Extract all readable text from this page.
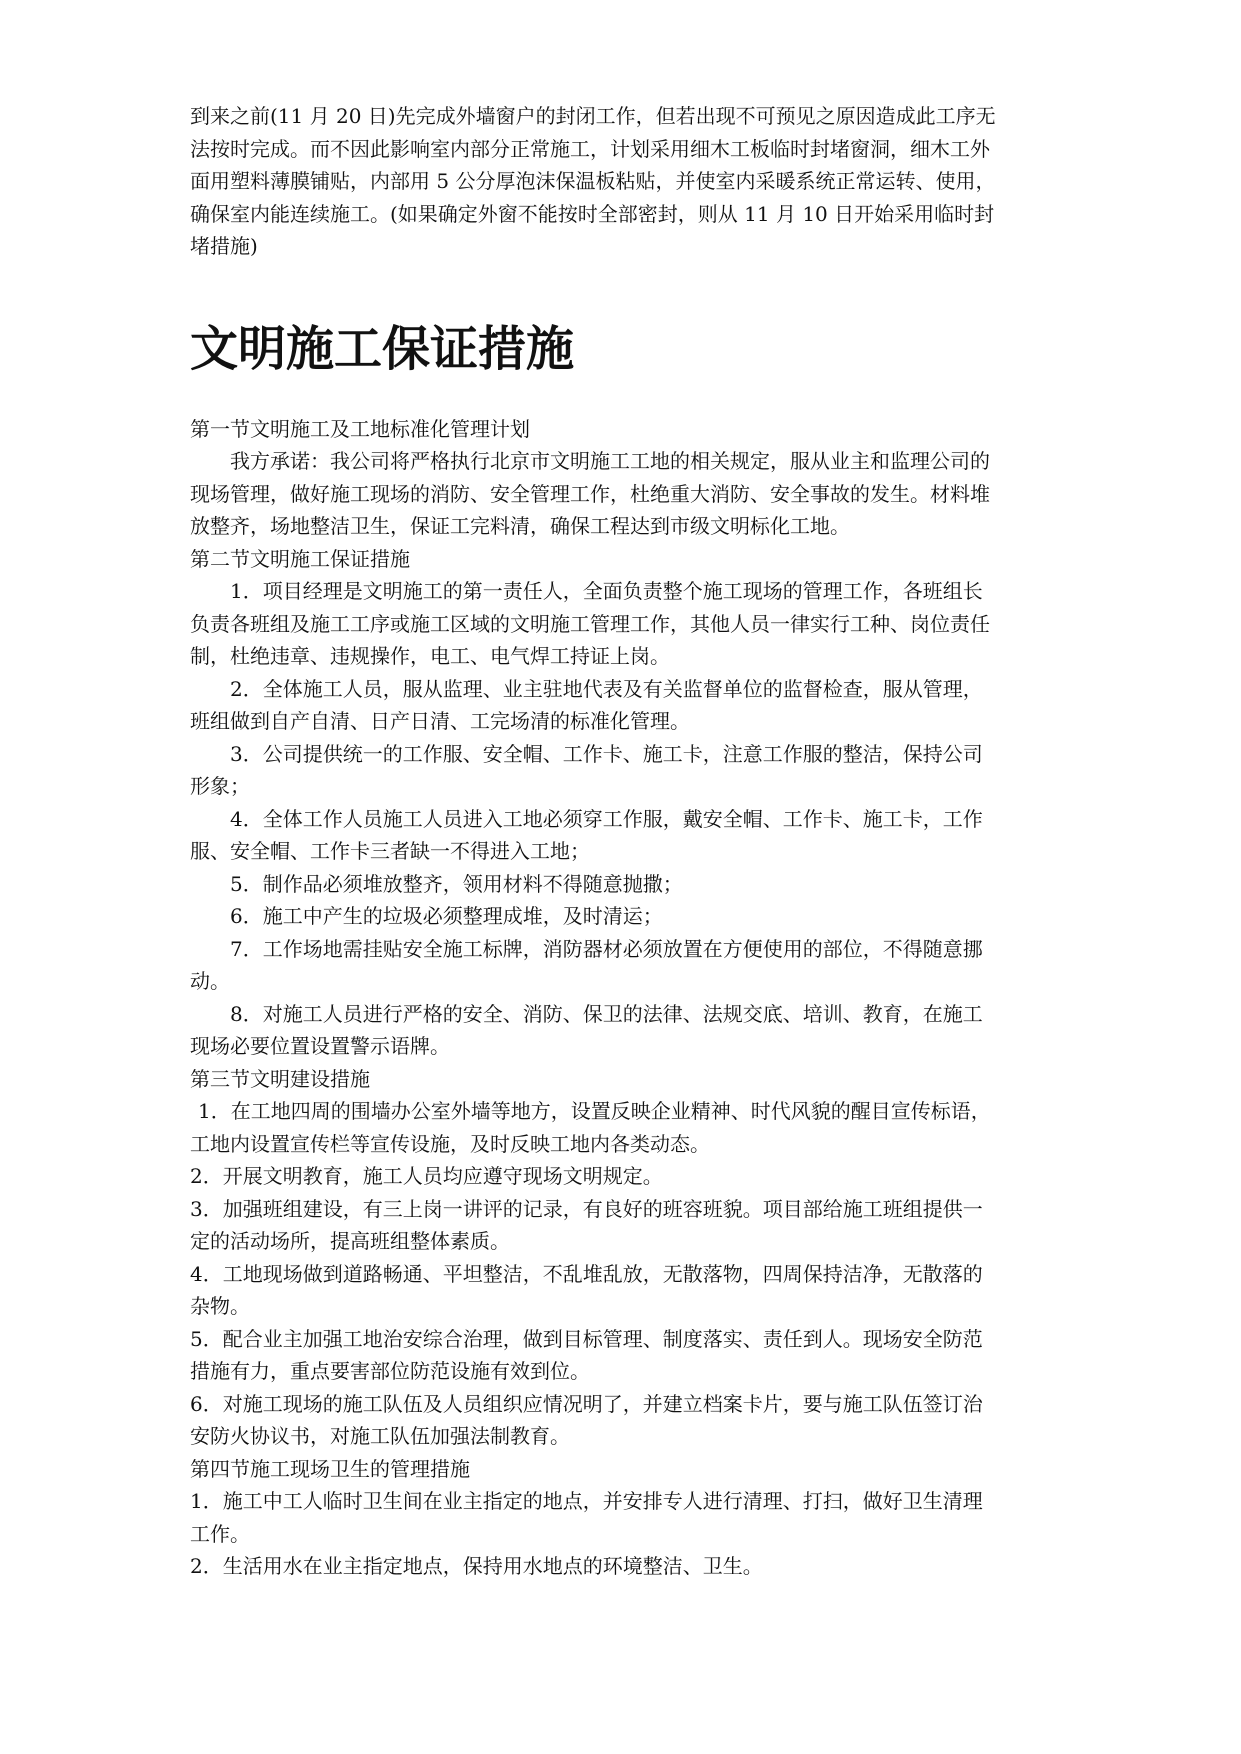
到来之前(11 月 20 日)先完成外墙窗户的封闭工作，但若出现不可预见之原因造成此工序无

法按时完成。而不因此影响室内部分正常施工，计划采用细木工板临时封堵窗洞，细木工外

面用塑料薄膜铺贴，内部用 5 公分厚泡沫保温板粘贴，并使室内采暖系统正常运转、使用，

确保室内能连续施工。(如果确定外窗不能按时全部密封，则从 11 月 10 日开始采用临时封

堵措施)

文明施工保证措施

第一节文明施工及工地标准化管理计划

我方承诺：我公司将严格执行北京市文明施工工地的相关规定，服从业主和监理公司的

现场管理，做好施工现场的消防、安全管理工作，杜绝重大消防、安全事故的发生。材料堆

放整齐，场地整洁卫生，保证工完料清，确保工程达到市级文明标化工地。

第二节文明施工保证措施

1．项目经理是文明施工的第一责任人，全面负责整个施工现场的管理工作，各班组长

负责各班组及施工工序或施工区域的文明施工管理工作，其他人员一律实行工种、岗位责任

制，杜绝违章、违规操作，电工、电气焊工持证上岗。

2．全体施工人员，服从监理、业主驻地代表及有关监督单位的监督检查，服从管理，

班组做到自产自清、日产日清、工完场清的标准化管理。

3．公司提供统一的工作服、安全帽、工作卡、施工卡，注意工作服的整洁，保持公司

形象；

4．全体工作人员施工人员进入工地必须穿工作服，戴安全帽、工作卡、施工卡，工作

服、安全帽、工作卡三者缺一不得进入工地；

5．制作品必须堆放整齐，领用材料不得随意抛撒；

6．施工中产生的垃圾必须整理成堆，及时清运；

7．工作场地需挂贴安全施工标牌，消防器材必须放置在方便使用的部位，不得随意挪

动。

8．对施工人员进行严格的安全、消防、保卫的法律、法规交底、培训、教育，在施工

现场必要位置设置警示语牌。

第三节文明建设措施

1．在工地四周的围墙办公室外墙等地方，设置反映企业精神、时代风貌的醒目宣传标语，

工地内设置宣传栏等宣传设施，及时反映工地内各类动态。

2．开展文明教育，施工人员均应遵守现场文明规定。

3．加强班组建设，有三上岗一讲评的记录，有良好的班容班貌。项目部给施工班组提供一

定的活动场所，提高班组整体素质。

4．工地现场做到道路畅通、平坦整洁，不乱堆乱放，无散落物，四周保持洁净，无散落的

杂物。

5．配合业主加强工地治安综合治理，做到目标管理、制度落实、责任到人。现场安全防范

措施有力，重点要害部位防范设施有效到位。

6．对施工现场的施工队伍及人员组织应情况明了，并建立档案卡片，要与施工队伍签订治

安防火协议书，对施工队伍加强法制教育。

第四节施工现场卫生的管理措施

1．施工中工人临时卫生间在业主指定的地点，并安排专人进行清理、打扫，做好卫生清理

工作。

2．生活用水在业主指定地点，保持用水地点的环境整洁、卫生。
